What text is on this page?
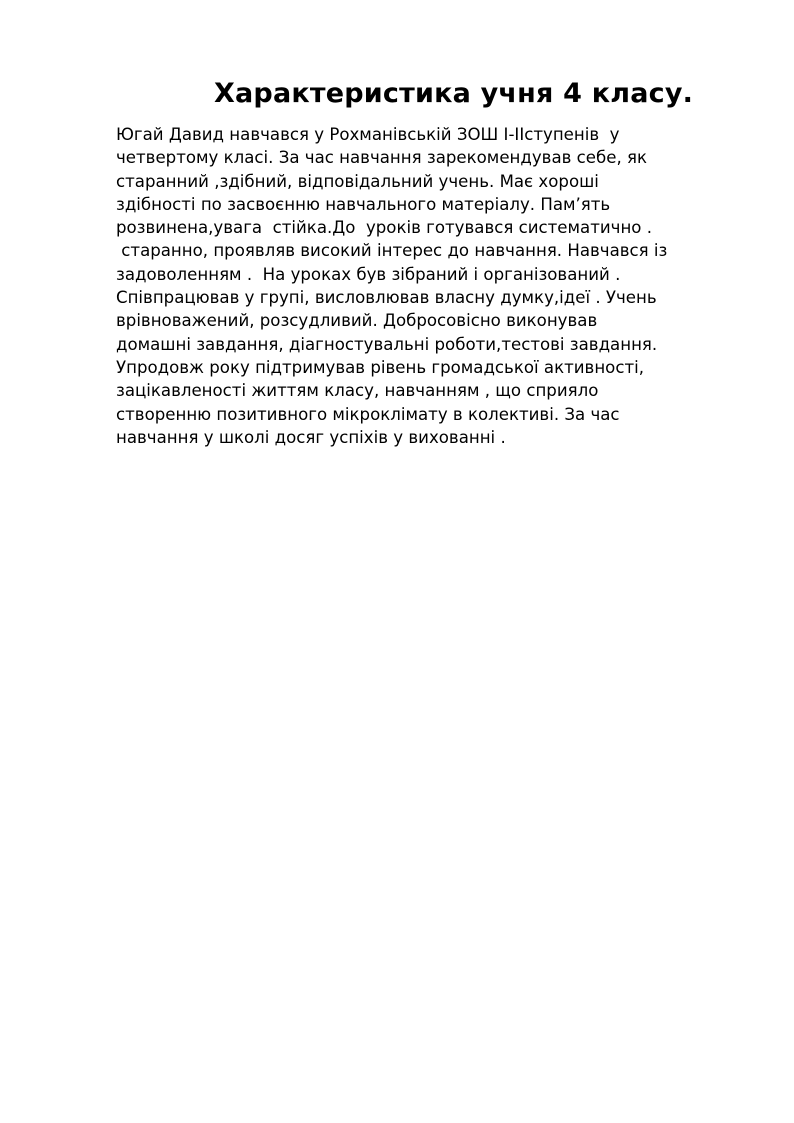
Характеристика учня 4 класу.
Югай Давид навчався у Рохманівській ЗОШ І-ІІступенів  у
четвертому класі. За час навчання зарекомендував себе, як
старанний ,здібний, відповідальний учень. Має хороші
здібності по засвоєнню навчального матеріалу. Пам’ять
розвинена,увага  стійка.До  уроків готувався систематично .
старанно, проявляв високий інтерес до навчання. Навчався із
задоволенням .  На уроках був зібраний і організований .
Співпрацював у групі, висловлював власну думку,ідеї . Учень
врівноважений, розсудливий. Добросовісно виконував
домашні завдання, діагностувальні роботи,тестові завдання.
Упродовж року підтримував рівень громадської активності,
зацікавленості життям класу, навчанням , що сприяло
створенню позитивного мікроклімату в колективі. За час
навчання у школі досяг успіхів у вихованні .
